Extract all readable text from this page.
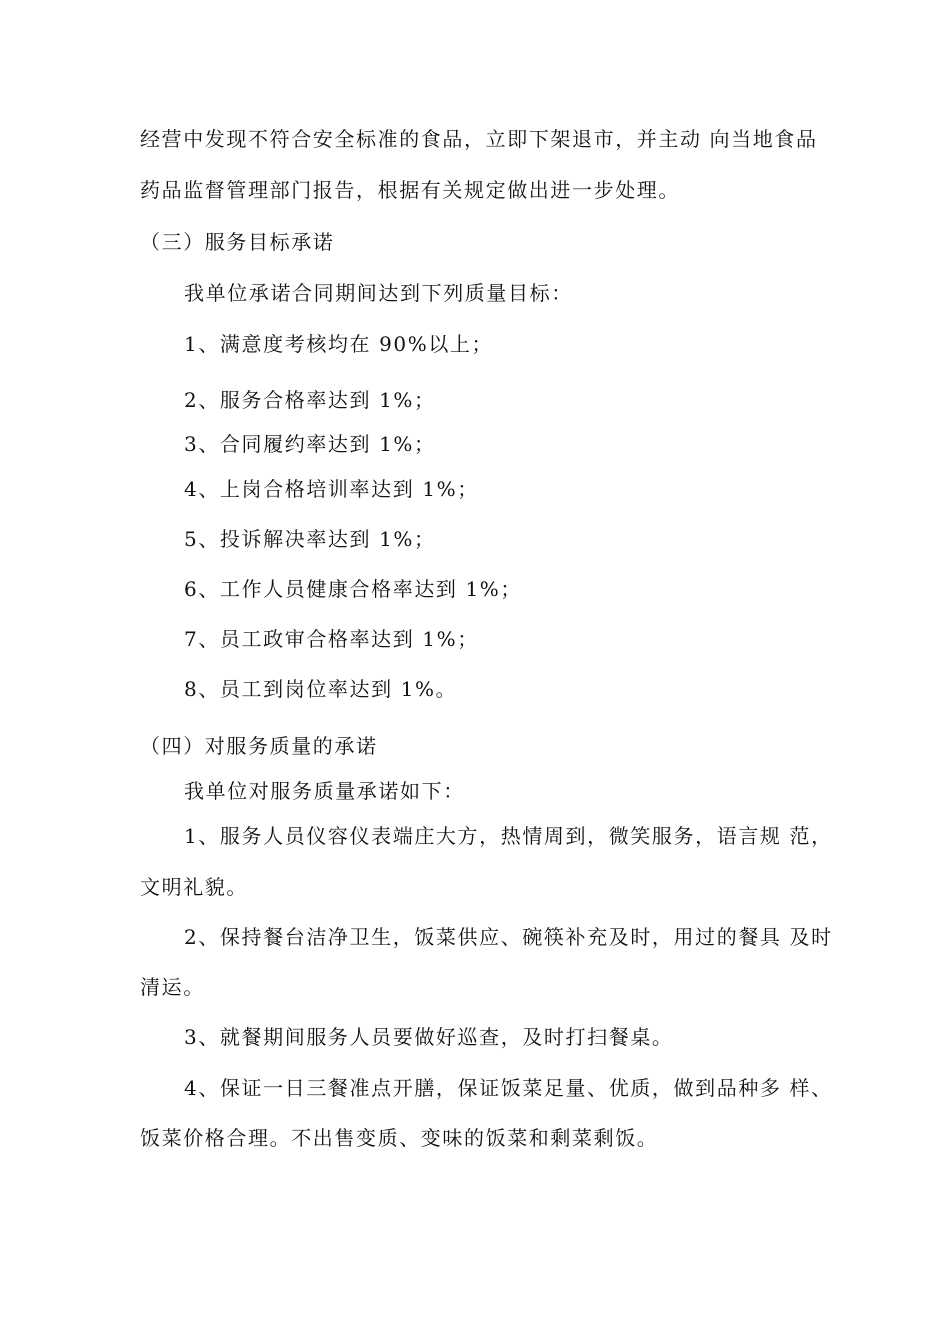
经营中发现不符合安全标准的食品，立即下架退市，并主动 向当地食品
药品监督管理部门报告，根据有关规定做出进一步处理。
（三）服务目标承诺
我单位承诺合同期间达到下列质量目标：
1、满意度考核均在 90%以上；
2、服务合格率达到 1%；
3、合同履约率达到 1%；
4、上岗合格培训率达到 1%；
5、投诉解决率达到 1%；
6、工作人员健康合格率达到 1%；
7、员工政审合格率达到 1%；
8、员工到岗位率达到 1%。
（四）对服务质量的承诺
我单位对服务质量承诺如下：
1、服务人员仪容仪表端庄大方，热情周到，微笑服务，语言规 范，
文明礼貌。
2、保持餐台洁净卫生，饭菜供应、碗筷补充及时，用过的餐具 及时
清运。
3、就餐期间服务人员要做好巡查，及时打扫餐桌。
4、保证一日三餐准点开膳，保证饭菜足量、优质，做到品种多 样、
饭菜价格合理。不出售变质、变味的饭菜和剩菜剩饭。
